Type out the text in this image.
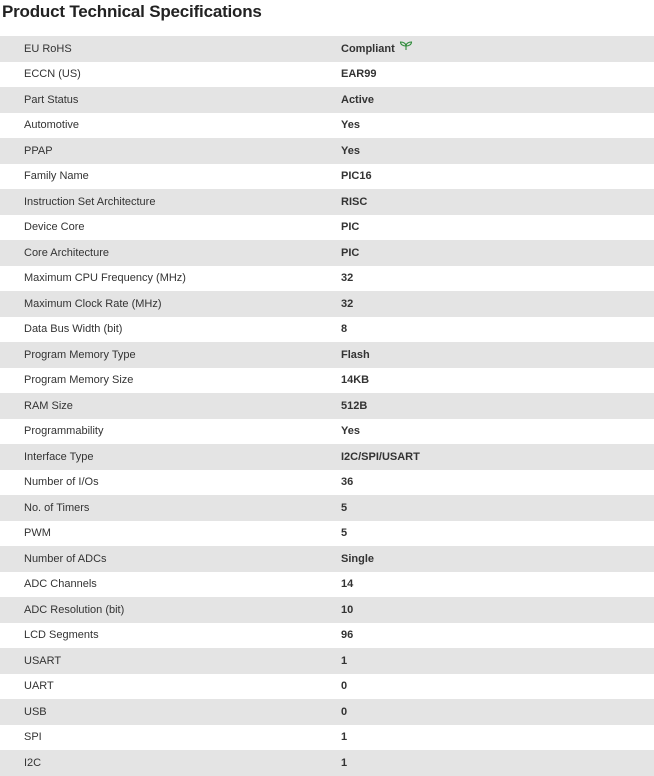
Product Technical Specifications
EU RoHS	Compliant
ECCN (US)	EAR99
Part Status	Active
Automotive	Yes
PPAP	Yes
Family Name	PIC16
Instruction Set Architecture	RISC
Device Core	PIC
Core Architecture	PIC
Maximum CPU Frequency (MHz)	32
Maximum Clock Rate (MHz)	32
Data Bus Width (bit)	8
Program Memory Type	Flash
Program Memory Size	14KB
RAM Size	512B
Programmability	Yes
Interface Type	I2C/SPI/USART
Number of I/Os	36
No. of Timers	5
PWM	5
Number of ADCs	Single
ADC Channels	14
ADC Resolution (bit)	10
LCD Segments	96
USART	1
UART	0
USB	0
SPI	1
I2C	1
